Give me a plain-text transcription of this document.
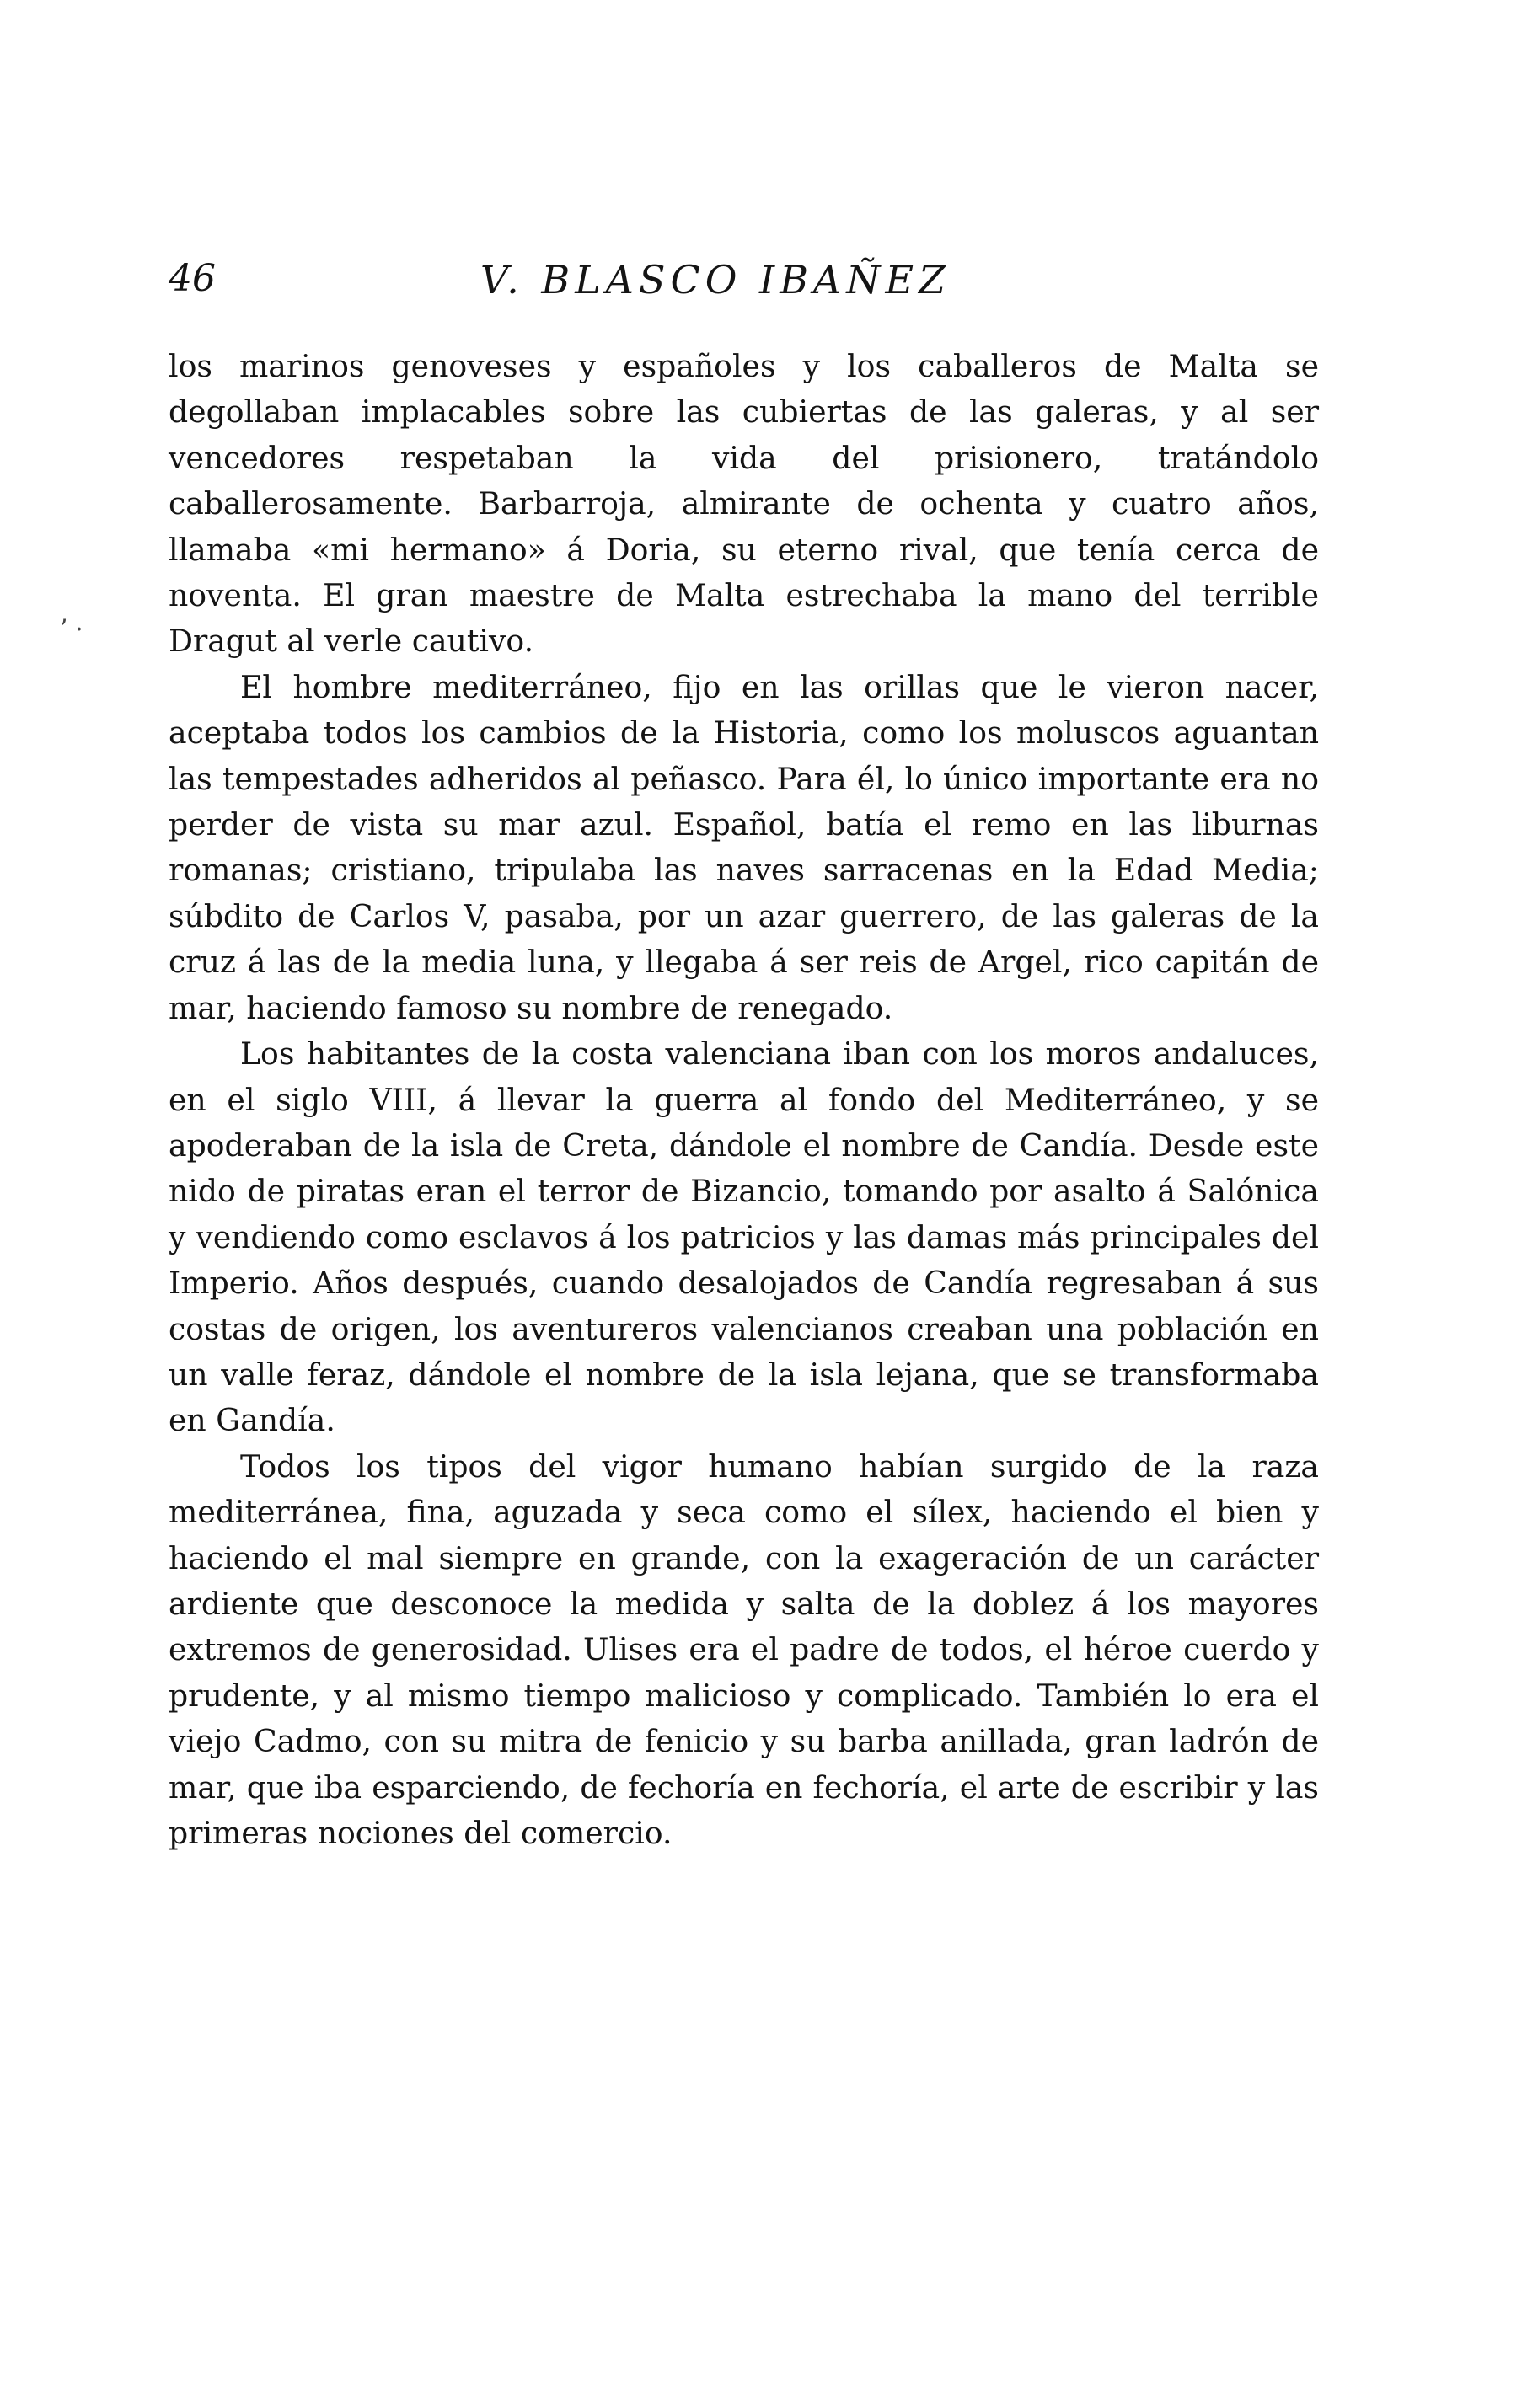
46	V. BLASCO IBAÑEZ
ʼ ·

los marinos genoveses y españoles y los caballeros de Malta se degollaban implacables sobre las cubiertas de las galeras, y al ser vencedores respetaban la vida del prisionero, tratándolo caballerosamente. Barbarroja, almirante de ochenta y cuatro años, llamaba «mi hermano» á Doria, su eterno rival, que tenía cerca de noventa. El gran maestre de Malta estrechaba la mano del terrible Dragut al verle cautivo.

El hombre mediterráneo, fijo en las orillas que le vieron nacer, aceptaba todos los cambios de la Historia, como los moluscos aguantan las tempestades adheridos al peñasco. Para él, lo único importante era no perder de vista su mar azul. Español, batía el remo en las liburnas romanas; cristiano, tripulaba las naves sarracenas en la Edad Media; súbdito de Carlos V, pasaba, por un azar guerrero, de las galeras de la cruz á las de la media luna, y llegaba á ser reis de Argel, rico capitán de mar, haciendo famoso su nombre de renegado.

Los habitantes de la costa valenciana iban con los moros andaluces, en el siglo VIII, á llevar la guerra al fondo del Mediterráneo, y se apoderaban de la isla de Creta, dándole el nombre de Candía. Desde este nido de piratas eran el terror de Bizancio, tomando por asalto á Salónica y vendiendo como esclavos á los patricios y las damas más principales del Imperio. Años después, cuando desalojados de Candía regresaban á sus costas de origen, los aventureros valencianos creaban una población en un valle feraz, dándole el nombre de la isla lejana, que se transformaba en Gandía.

Todos los tipos del vigor humano habían surgido de la raza mediterránea, fina, aguzada y seca como el sílex, haciendo el bien y haciendo el mal siempre en grande, con la exageración de un carácter ardiente que desconoce la medida y salta de la doblez á los mayores extremos de generosidad. Ulises era el padre de todos, el héroe cuerdo y prudente, y al mismo tiempo malicioso y complicado. También lo era el viejo Cadmo, con su mitra de fenicio y su barba anillada, gran ladrón de mar, que iba esparciendo, de fechoría en fechoría, el arte de escribir y las primeras nociones del comercio.
